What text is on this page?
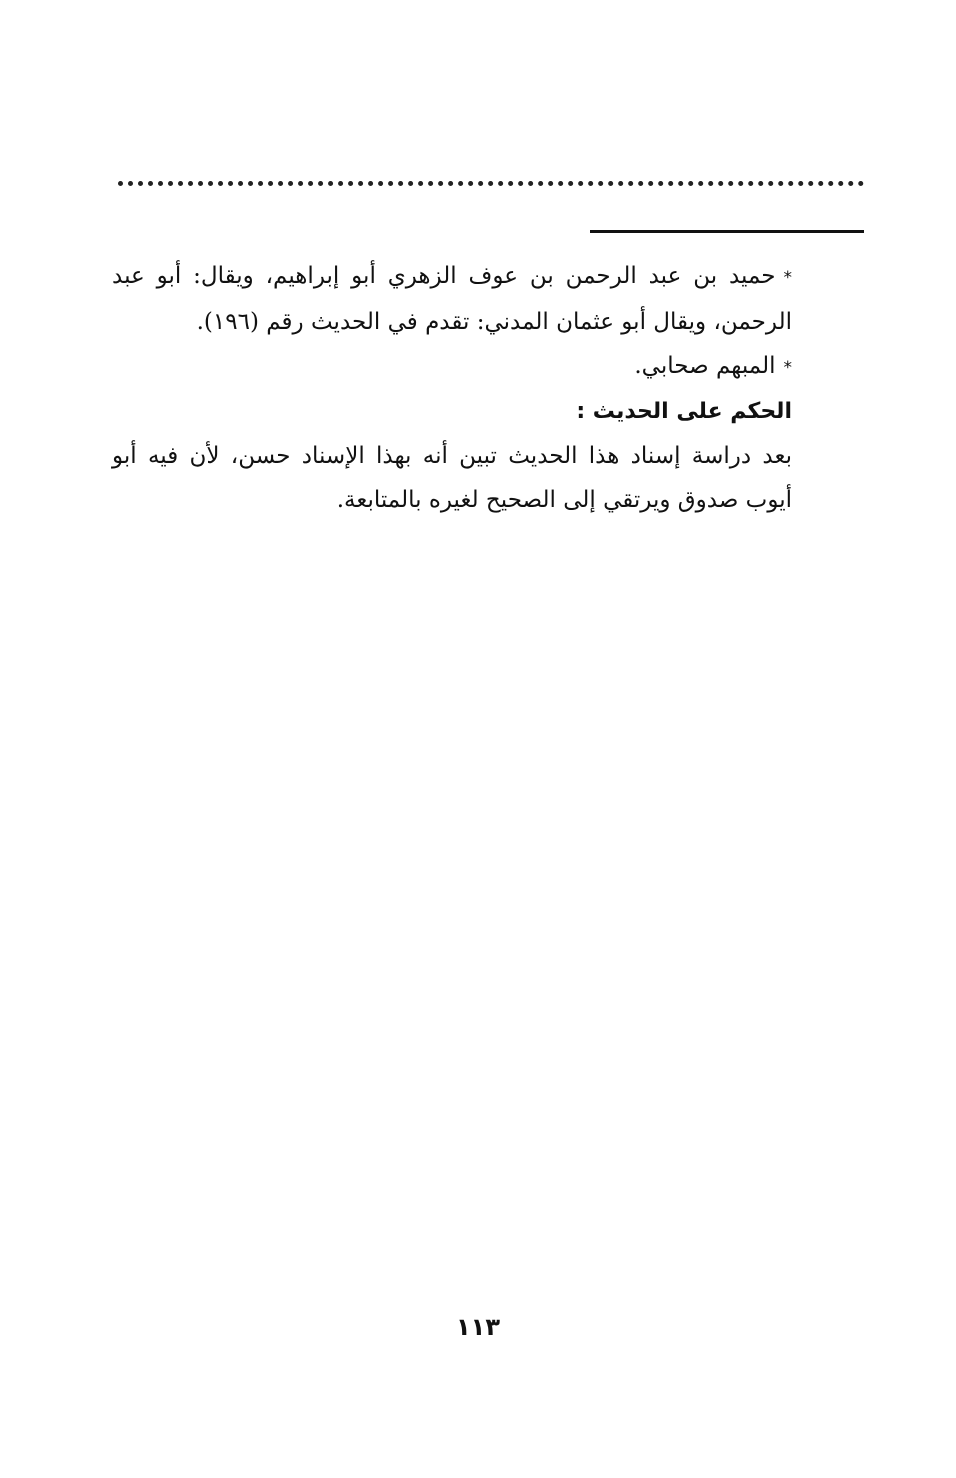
*حميد بن عبد الرحمن بن عوف الزهري أبو إبراهيم، ويقال: أبو عبد الرحمن، ويقال أبو عثمان المدني: تقدم في الحديث رقم (١٩٦).

*المبهم صحابي.

الحكم على الحديث :

بعد دراسة إسناد هذا الحديث تبين أنه بهذا الإسناد حسن، لأن فيه أبو أيوب صدوق ويرتقي إلى الصحيح لغيره بالمتابعة.

١١٣
